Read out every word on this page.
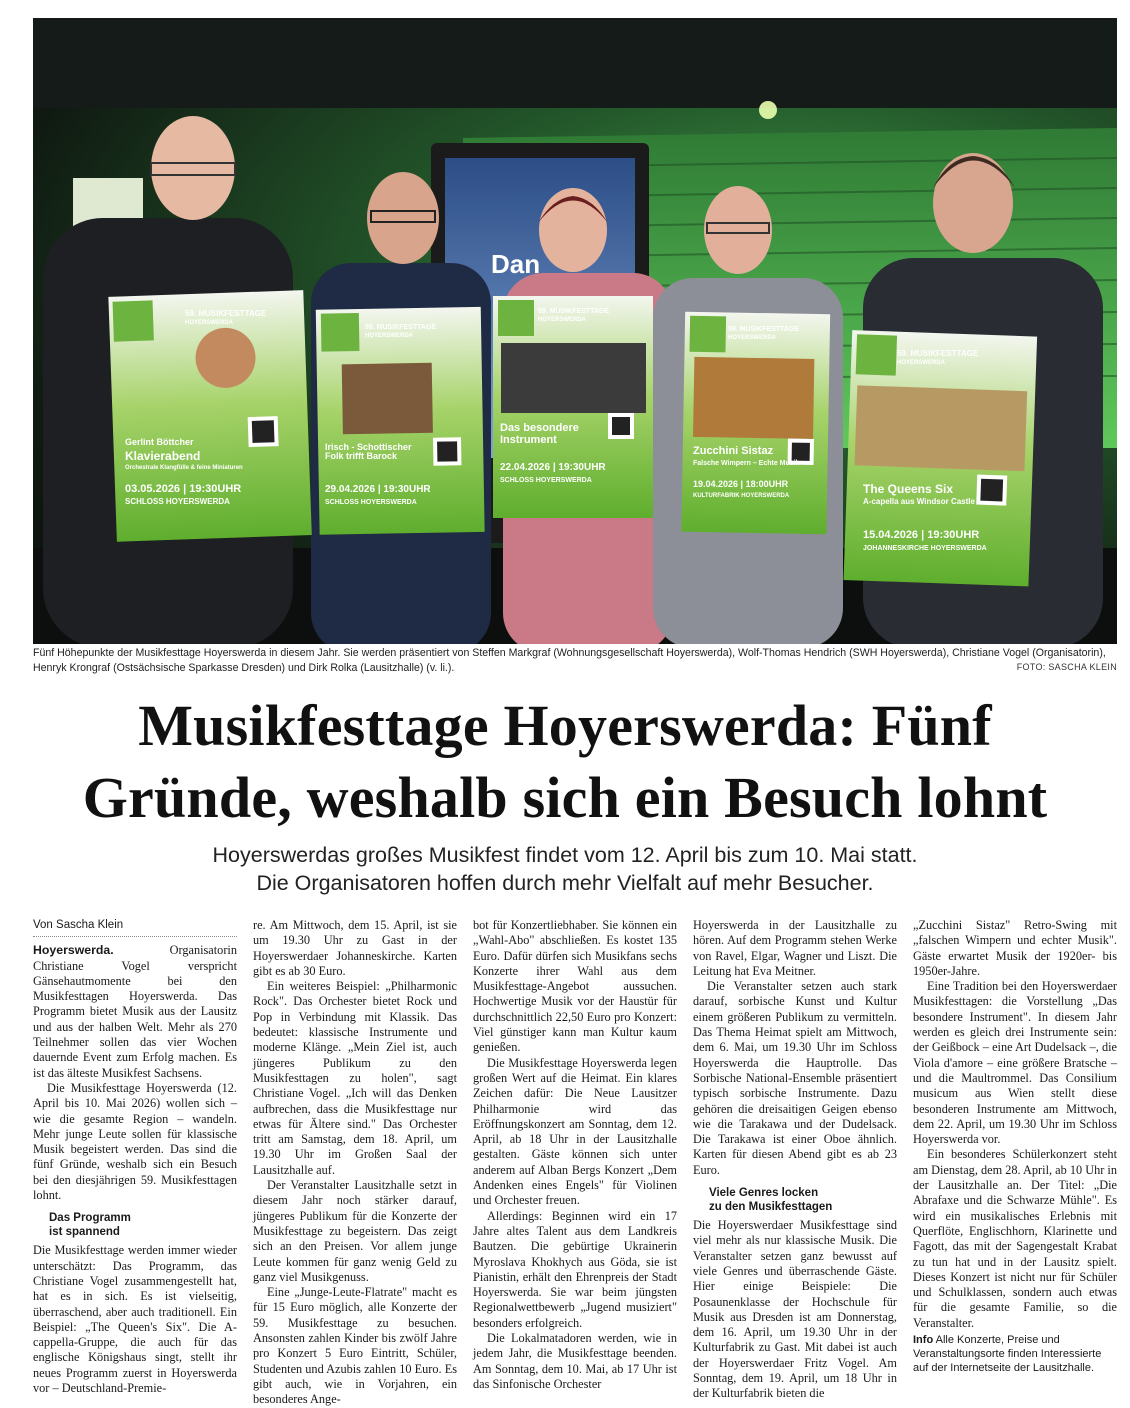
Dan
59. MUSIKFESTTAGE
HOYERSWERDA
Gerlint Böttcher
Klavierabend
Orchestrale Klangfülle & feine Miniaturen
03.05.2026 | 19:30UHR
SCHLOSS HOYERSWERDA
59. MUSIKFESTTAGE
HOYERSWERDA
Irisch - Schottischer Folk trifft Barock
29.04.2026 | 19:30UHR
SCHLOSS HOYERSWERDA
59. MUSIKFESTTAGE
HOYERSWERDA
Das besondere Instrument
22.04.2026 | 19:30UHR
SCHLOSS HOYERSWERDA
59. MUSIKFESTTAGE
HOYERSWERDA
Zucchini Sistaz
Falsche Wimpern – Echte Musik
19.04.2026 | 18:00UHR
KULTURFABRIK HOYERSWERDA
59. MUSIKFESTTAGE
HOYERSWERDA
The Queens Six
A-capella aus Windsor Castle
15.04.2026 | 19:30UHR
JOHANNESKIRCHE HOYERSWERDA
Fünf Höhepunkte der Musikfesttage Hoyerswerda in diesem Jahr. Sie werden präsentiert von Steffen Markgraf (Wohnungsgesellschaft Hoyerswerda), Wolf-Thomas Hendrich (SWH Hoyerswerda), Christiane Vogel (Organisatorin), Henryk Krongraf (Ostsächsische Sparkasse Dresden) und Dirk Rolka (Lausitzhalle) (v. li.).	FOTO: SASCHA KLEIN
Musikfesttage Hoyerswerda: Fünf
Gründe, weshalb sich ein Besuch lohnt
Hoyerswerdas großes Musikfest findet vom 12. April bis zum 10. Mai statt.
Die Organisatoren hoffen durch mehr Vielfalt auf mehr Besucher.
Von Sascha Klein

Hoyerswerda.	Organisatorin Christiane Vogel verspricht Gänsehautmomente bei den Musikfesttagen Hoyerswerda. Das Programm bietet Musik aus der Lausitz und aus der halben Welt. Mehr als 270 Teilnehmer sollen das vier Wochen dauernde Event zum Erfolg machen. Es ist das älteste Musikfest Sachsens.

Die Musikfesttage Hoyerswerda (12. April bis 10. Mai 2026) wollen sich – wie die gesamte Region – wandeln. Mehr junge Leute sollen für klassische Musik begeistert werden. Das sind die fünf Gründe, weshalb sich ein Besuch bei den diesjährigen 59. Musikfesttagen lohnt.

Das Programm
ist spannend

Die Musikfesttage werden immer wieder unterschätzt: Das Programm, das Christiane Vogel zusammengestellt hat, hat es in sich. Es ist vielseitig, überraschend, aber auch traditionell. Ein Beispiel: „The Queen's Six". Die A-cappella-Gruppe, die auch für das englische Königshaus singt, stellt ihr neues Programm zuerst in Hoyerswerda vor – Deutschland-Premie-

re. Am Mittwoch, dem 15. April, ist sie um 19.30 Uhr zu Gast in der Hoyerswerdaer Johanneskirche. Karten gibt es ab 30 Euro.

Ein weiteres Beispiel: „Philharmonic Rock". Das Orchester bietet Rock und Pop in Verbindung mit Klassik. Das bedeutet: klassische Instrumente und moderne Klänge. „Mein Ziel ist, auch jüngeres Publikum zu den Musikfesttagen zu holen", sagt Christiane Vogel. „Ich will das Denken aufbrechen, dass die Musikfesttage nur etwas für Ältere sind." Das Orchester tritt am Samstag, dem 18. April, um 19.30 Uhr im Großen Saal der Lausitzhalle auf.

Der Veranstalter Lausitzhalle setzt in diesem Jahr noch stärker darauf, jüngeres Publikum für die Konzerte der Musikfesttage zu begeistern. Das zeigt sich an den Preisen. Vor allem junge Leute kommen für ganz wenig Geld zu ganz viel Musikgenuss.

Eine „Junge-Leute-Flatrate" macht es für 15 Euro möglich, alle Konzerte der 59. Musikfesttage zu besuchen. Ansonsten zahlen Kinder bis zwölf Jahre pro Konzert 5 Euro Eintritt, Schüler, Studenten und Azubis zahlen 10 Euro. Es gibt auch, wie in Vorjahren, ein besonderes Ange-

bot für Konzertliebhaber. Sie können ein „Wahl-Abo" abschließen. Es kostet 135 Euro. Dafür dürfen sich Musikfans sechs Konzerte ihrer Wahl aus dem Musikfesttage-Angebot aussuchen. Hochwertige Musik vor der Haustür für durchschnittlich 22,50 Euro pro Konzert: Viel günstiger kann man Kultur kaum genießen.

Die Musikfesttage Hoyerswerda legen großen Wert auf die Heimat. Ein klares Zeichen dafür: Die Neue Lausitzer Philharmonie wird das Eröffnungskonzert am Sonntag, dem 12. April, ab 18 Uhr in der Lausitzhalle gestalten. Gäste können sich unter anderem auf Alban Bergs Konzert „Dem Andenken eines Engels" für Violinen und Orchester freuen.

Allerdings: Beginnen wird ein 17 Jahre altes Talent aus dem Landkreis Bautzen. Die gebürtige Ukrainerin Myroslava Khokhych aus Göda, sie ist Pianistin, erhält den Ehrenpreis der Stadt Hoyerswerda. Sie war beim jüngsten Regionalwettbewerb „Jugend musiziert" besonders erfolgreich.

Die Lokalmatadoren werden, wie in jedem Jahr, die Musikfesttage beenden. Am Sonntag, dem 10. Mai, ab 17 Uhr ist das Sinfonische Orchester

Hoyerswerda in der Lausitzhalle zu hören. Auf dem Programm stehen Werke von Ravel, Elgar, Wagner und Liszt. Die Leitung hat Eva Meitner.

Die Veranstalter setzen auch stark darauf, sorbische Kunst und Kultur einem größeren Publikum zu vermitteln. Das Thema Heimat spielt am Mittwoch, dem 6. Mai, um 19.30 Uhr im Schloss Hoyerswerda die Hauptrolle. Das Sorbische National-Ensemble präsentiert typisch sorbische Instrumente. Dazu gehören die dreisaitigen Geigen ebenso wie die Tarakawa und der Dudelsack. Die Tarakawa ist einer Oboe ähnlich. Karten für diesen Abend gibt es ab 23 Euro.

Viele Genres locken
zu den Musikfesttagen

Die Hoyerswerdaer Musikfesttage sind viel mehr als nur klassische Musik. Die Veranstalter setzen ganz bewusst auf viele Genres und überraschende Gäste. Hier einige Beispiele: Die Posaunenklasse der Hochschule für Musik aus Dresden ist am Donnerstag, dem 16. April, um 19.30 Uhr in der Kulturfabrik zu Gast. Mit dabei ist auch der Hoyerswerdaer Fritz Vogel. Am Sonntag, dem 19. April, um 18 Uhr in der Kulturfabrik bieten die

„Zucchini Sistaz" Retro-Swing mit „falschen Wimpern und echter Musik". Gäste erwartet Musik der 1920er- bis 1950er-Jahre.

Eine Tradition bei den Hoyerswerdaer Musikfesttagen: die Vorstellung „Das besondere Instrument". In diesem Jahr werden es gleich drei Instrumente sein: der Geißbock – eine Art Dudelsack –, die Viola d'amore – eine größere Bratsche – und die Maultrommel. Das Consilium musicum aus Wien stellt diese besonderen Instrumente am Mittwoch, dem 22. April, um 19.30 Uhr im Schloss Hoyerswerda vor.

Ein besonderes Schülerkonzert steht am Dienstag, dem 28. April, ab 10 Uhr in der Lausitzhalle an. Der Titel: „Die Abrafaxe und die Schwarze Mühle". Es wird ein musikalisches Erlebnis mit Querflöte, Englischhorn, Klarinette und Fagott, das mit der Sagengestalt Krabat zu tun hat und in der Lausitz spielt. Dieses Konzert ist nicht nur für Schüler und Schulklassen, sondern auch etwas für die gesamte Familie, so die Veranstalter.

Info Alle Konzerte, Preise und Veranstaltungsorte finden Interessierte auf der Internetseite der Lausitzhalle.
